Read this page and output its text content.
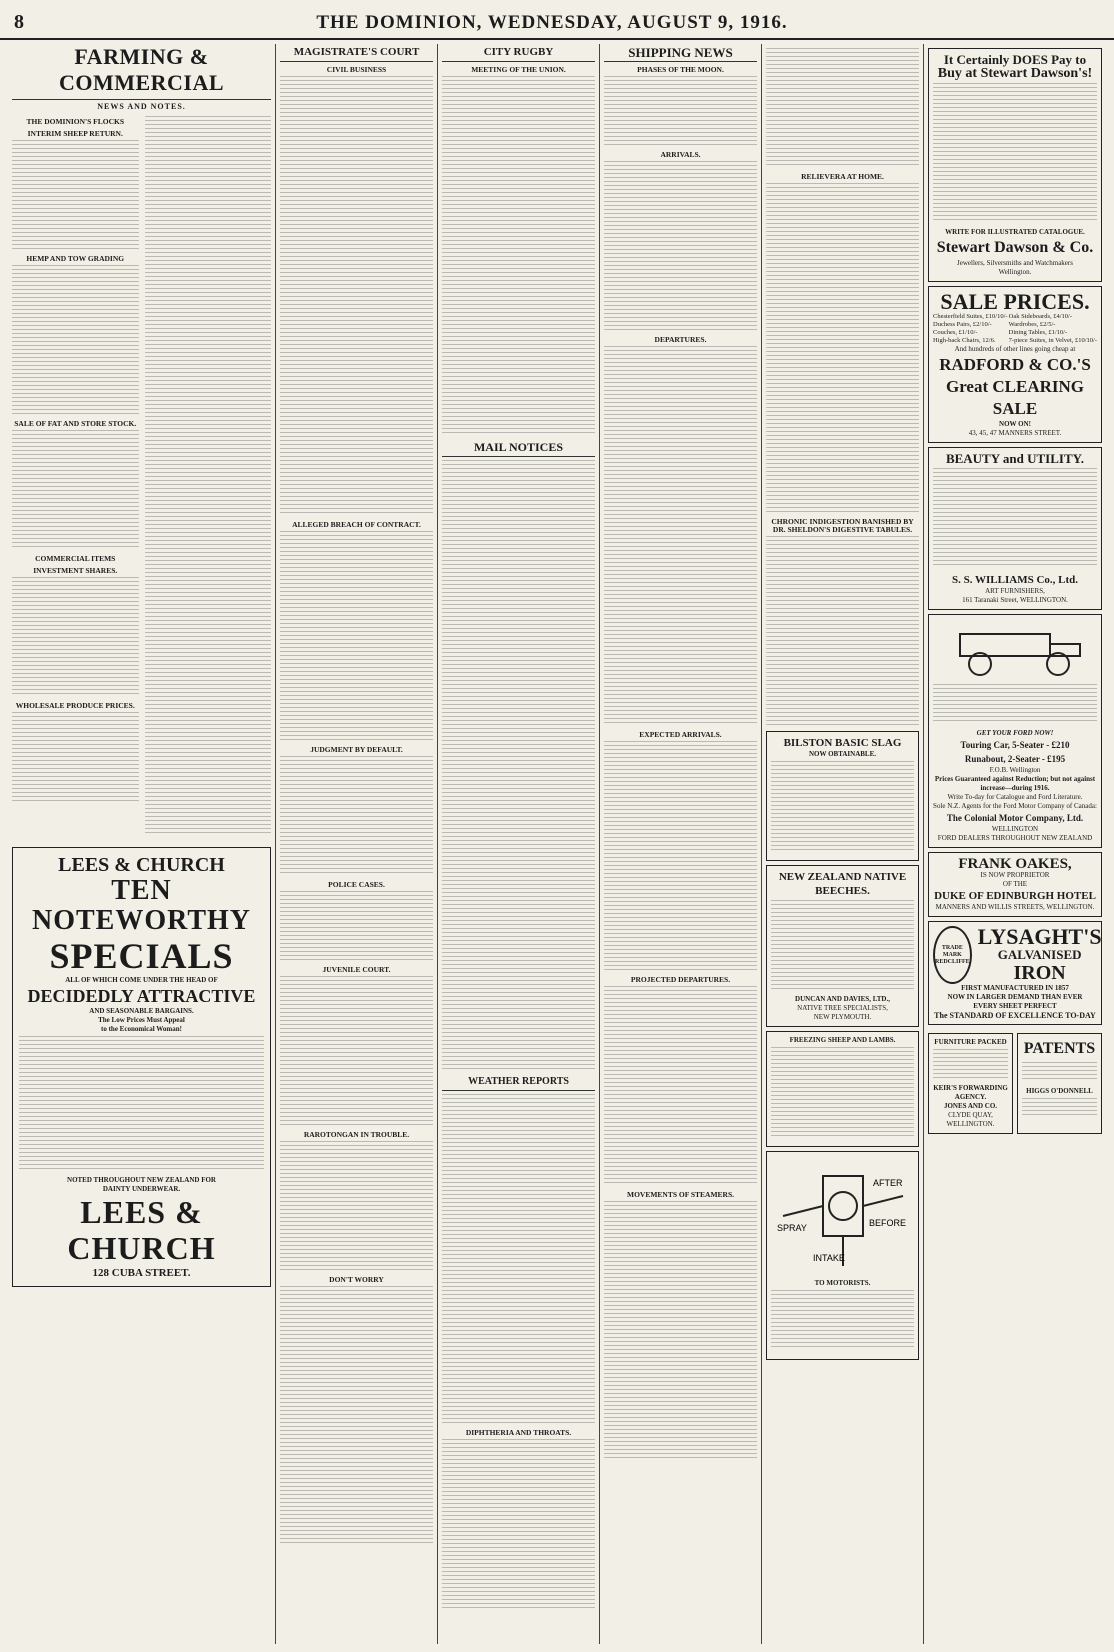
8	THE DOMINION, WEDNESDAY, AUGUST 9, 1916.
FARMING & COMMERCIAL
NEWS AND NOTES.
THE DOMINION'S FLOCKS
INTERIM SHEEP RETURN.
HEMP AND TOW GRADING
SALE OF FAT AND STORE STOCK.
COMMERCIAL ITEMS
INVESTMENT SHARES.
WHOLESALE PRODUCE PRICES.
LEES & CHURCH
TEN NOTEWORTHY
SPECIALS
ALL OF WHICH COME UNDER THE HEAD OF
DECIDEDLY ATTRACTIVE
AND SEASONABLE BARGAINS.
The Low Prices Must Appeal
to the Economical Woman!
NOTED THROUGHOUT NEW ZEALAND FOR
DAINTY UNDERWEAR.
LEES & CHURCH
128 CUBA STREET.
MAGISTRATE'S COURT
CIVIL BUSINESS
ALLEGED BREACH OF CONTRACT.
JUDGMENT BY DEFAULT.
POLICE CASES.
JUVENILE COURT.
RAROTONGAN IN TROUBLE.
DON'T WORRY
CITY RUGBY
MEETING OF THE UNION.
MAIL NOTICES
WEATHER REPORTS
DIPHTHERIA AND THROATS.
SHIPPING NEWS
PHASES OF THE MOON.
ARRIVALS.
DEPARTURES.
EXPECTED ARRIVALS.
PROJECTED DEPARTURES.
MOVEMENTS OF STEAMERS.
RELIEVERA AT HOME.
CHRONIC INDIGESTION BANISHED BY DR. SHELDON'S DIGESTIVE TABULES.
BILSTON BASIC SLAG
NOW OBTAINABLE.
NEW ZEALAND NATIVE BEECHES.
DUNCAN AND DAVIES, LTD.,
NATIVE TREE SPECIALISTS,
NEW PLYMOUTH.
FREEZING SHEEP AND LAMBS.
SPRAY
AFTER
BEFORE
INTAKE
TO MOTORISTS.
It Certainly DOES Pay to
Buy at Stewart Dawson's!
WRITE FOR ILLUSTRATED CATALOGUE.
Stewart Dawson & Co.
Jewellers, Silversmiths and Watchmakers
Wellington.
SALE PRICES.
Chesterfield Suites, £10/10/-
Duchess Pairs, £2/10/-
Couches, £1/10/-
High-back Chairs, 12/6.
Oak Sideboards, £4/10/-
Wardrobes, £2/5/-
Dining Tables, £1/10/-
7-piece Suites, in Velvet, £10/10/-
And hundreds of other lines going cheap at
RADFORD & CO.'S
Great CLEARING SALE
NOW ON!
43, 45, 47 MANNERS STREET.
BEAUTY and UTILITY.
S. S. WILLIAMS Co., Ltd.
ART FURNISHERS,
161 Taranaki Street, WELLINGTON.
GET YOUR FORD NOW!
Touring Car, 5-Seater - £210
Runabout, 2-Seater - £195
F.O.B. Wellington
Prices Guaranteed against Reduction; but not against increase—during 1916.
Write To-day for Catalogue and Ford Literature.
Sole N.Z. Agents for the Ford Motor Company of Canada:
The Colonial Motor Company, Ltd.
WELLINGTON
FORD DEALERS THROUGHOUT NEW ZEALAND
FRANK OAKES,
IS NOW PROPRIETOR
OF THE
DUKE OF EDINBURGH HOTEL
MANNERS AND WILLIS STREETS, WELLINGTON.
TRADE MARK
REDCLIFFE
LYSAGHT'S
GALVANISED
IRON
FIRST MANUFACTURED IN 1857
NOW IN LARGER DEMAND THAN EVER
EVERY SHEET PERFECT
The STANDARD OF EXCELLENCE TO-DAY
FURNITURE PACKED
KEIR'S FORWARDING AGENCY.
JONES AND CO.
CLYDE QUAY, WELLINGTON.
PATENTS
HIGGS O'DONNELL
